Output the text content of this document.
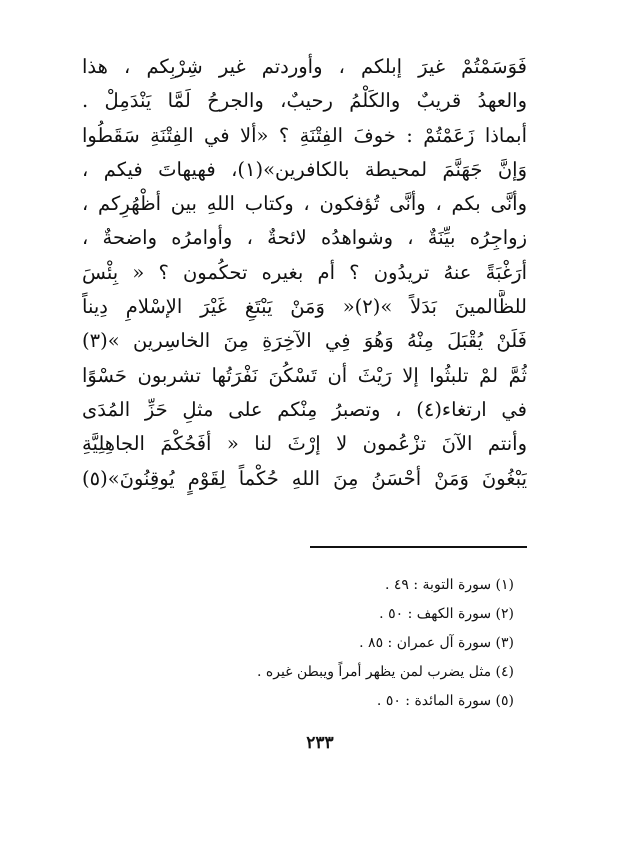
فَوَسَمْتُمْ غيرَ إبلكم ، وأوردتم غير شِرْبِكم ، هذا
والعهدُ قريبٌ والكَلْمُ رحيبٌ، والجرحُ لَمَّا يَنْدَمِلْ .
أبماذا زَعَمْتُمْ : خوفَ الفِتْنَةِ ؟ «ألا في الفِتْنَةِ سَقَطُوا
وَإنَّ جَهَنَّمَ لمحيطة بالكافرين»(١)، فهيهاتَ فيكم ،
وأنَّى بكم ، وأنَّى تُؤفكون ، وكتاب اللهِ بين أظْهُرِكم ،
زواجِرُه بيِّنَةٌ ، وشواهدُه لائحةٌ ، وأوامرُه واضحةٌ ،
أرَغْبَةً عنهُ تريدُون ؟ أم بغيره تحكُمون ؟ « بِئْسَ
للظَّالمينَ بَدَلاً »(٢)« وَمَنْ يَبْتَغِ غَيْرَ الإسْلامِ دِيناً
فَلَنْ يُقْبَلَ مِنْهُ وَهُوَ فِي الآخِرَةِ مِنَ الخاسِرين »(٣)
ثُمَّ لمْ تلبثُوا إلا رَيْثَ أن تَسْكُنَ نَفْرَتُها تشربون حَسْوًا
في ارتغاء(٤) ، وتصبرُ مِنْكم على مثلِ حَزِّ المُدَى
وأنتم الآنَ تزْعُمون لا إرْثَ لنا « أفَحُكْمَ الجاهِلِيَّةِ
يَبْغُونَ وَمَنْ أحْسَنُ مِنَ اللهِ حُكْماً لِقَوْمٍ يُوقِنُونَ»(٥)
(١) سورة التوبة : ٤٩ .
(٢) سورة الكهف : ٥٠ .
(٣) سورة آل عمران : ٨٥ .
(٤) مثل يضرب لمن يظهر أمراً ويبطن غيره .
(٥) سورة المائدة : ٥٠ .
٢٣٣
